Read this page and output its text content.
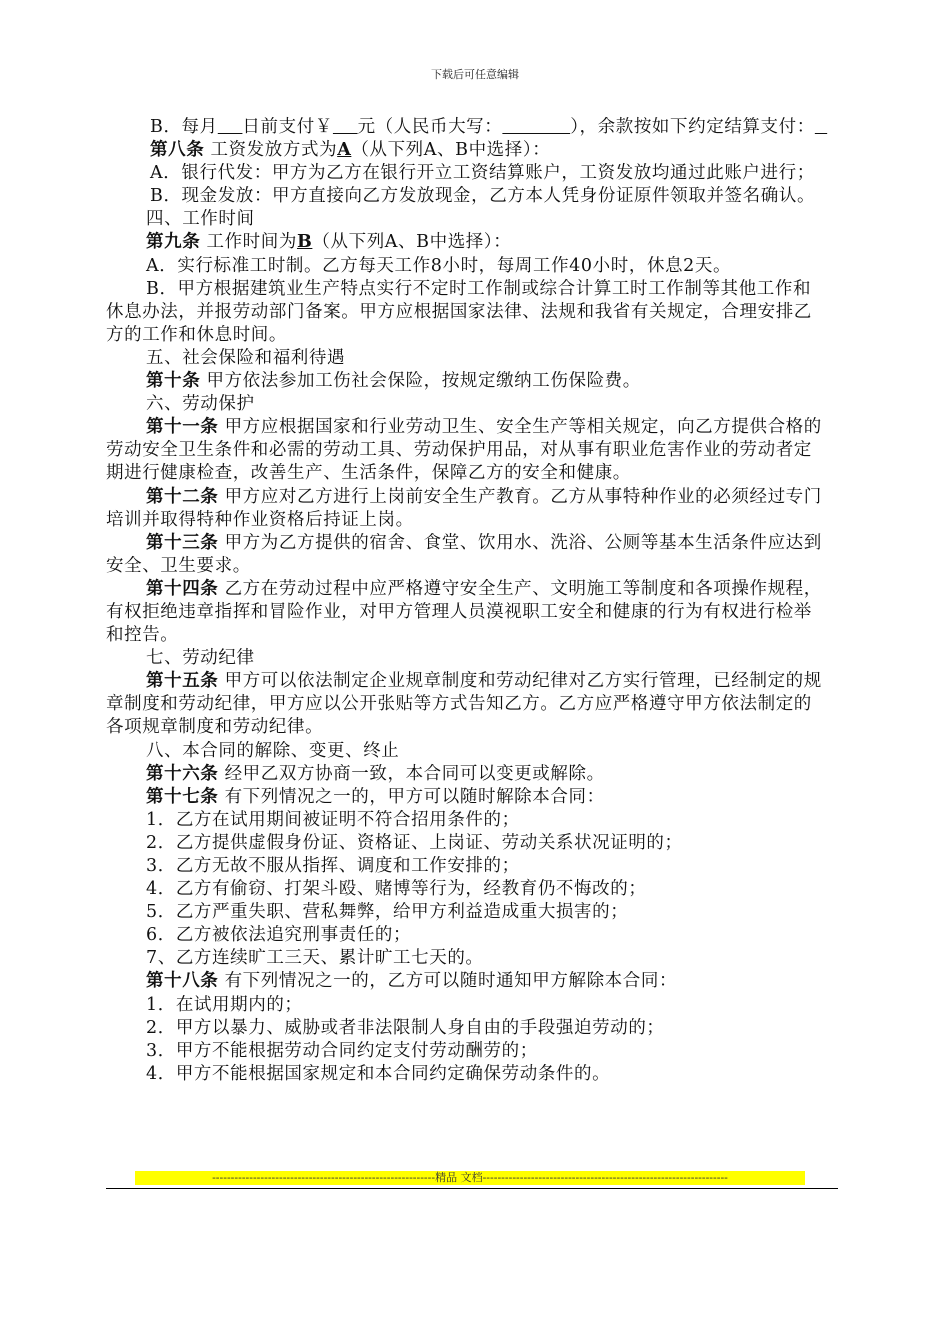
下载后可任意编辑

B．每月 日前支付￥ 元（人民币大写：	），余款按如下约定结算支付：

第八条 工资发放方式为A（从下列A、B中选择）：

A．银行代发：甲方为乙方在银行开立工资结算账户，工资发放均通过此账户进行；

B．现金发放：甲方直接向乙方发放现金，乙方本人凭身份证原件领取并签名确认。

四、工作时间

第九条 工作时间为B（从下列A、B中选择）：

A．实行标准工时制。乙方每天工作8小时，每周工作40小时，休息2天。

B．甲方根据建筑业生产特点实行不定时工作制或综合计算工时工作制等其他工作和休息办法，并报劳动部门备案。甲方应根据国家法律、法规和我省有关规定，合理安排乙方的工作和休息时间。

五、社会保险和福利待遇

第十条 甲方依法参加工伤社会保险，按规定缴纳工伤保险费。

六、劳动保护

第十一条 甲方应根据国家和行业劳动卫生、安全生产等相关规定，向乙方提供合格的劳动安全卫生条件和必需的劳动工具、劳动保护用品，对从事有职业危害作业的劳动者定期进行健康检查，改善生产、生活条件，保障乙方的安全和健康。

第十二条 甲方应对乙方进行上岗前安全生产教育。乙方从事特种作业的必须经过专门培训并取得特种作业资格后持证上岗。

第十三条 甲方为乙方提供的宿舍、食堂、饮用水、洗浴、公厕等基本生活条件应达到安全、卫生要求。

第十四条 乙方在劳动过程中应严格遵守安全生产、文明施工等制度和各项操作规程，有权拒绝违章指挥和冒险作业，对甲方管理人员漠视职工安全和健康的行为有权进行检举和控告。

七、劳动纪律

第十五条 甲方可以依法制定企业规章制度和劳动纪律对乙方实行管理，已经制定的规章制度和劳动纪律，甲方应以公开张贴等方式告知乙方。乙方应严格遵守甲方依法制定的各项规章制度和劳动纪律。

八、本合同的解除、变更、终止

第十六条 经甲乙双方协商一致，本合同可以变更或解除。

第十七条 有下列情况之一的，甲方可以随时解除本合同：

1．乙方在试用期间被证明不符合招用条件的；

2．乙方提供虚假身份证、资格证、上岗证、劳动关系状况证明的；

3．乙方无故不服从指挥、调度和工作安排的；

4．乙方有偷窃、打架斗殴、赌博等行为，经教育仍不悔改的；

5．乙方严重失职、营私舞弊，给甲方利益造成重大损害的；

6．乙方被依法追究刑事责任的；

7、乙方连续旷工三天、累计旷工七天的。

第十八条 有下列情况之一的，乙方可以随时通知甲方解除本合同：

1．在试用期内的；

2．甲方以暴力、威胁或者非法限制人身自由的手段强迫劳动的；

3．甲方不能根据劳动合同约定支付劳动酬劳的；

4．甲方不能根据国家规定和本合同约定确保劳动条件的。

------------------------------------------------------------精品 文档------------------------------------------------------------------
